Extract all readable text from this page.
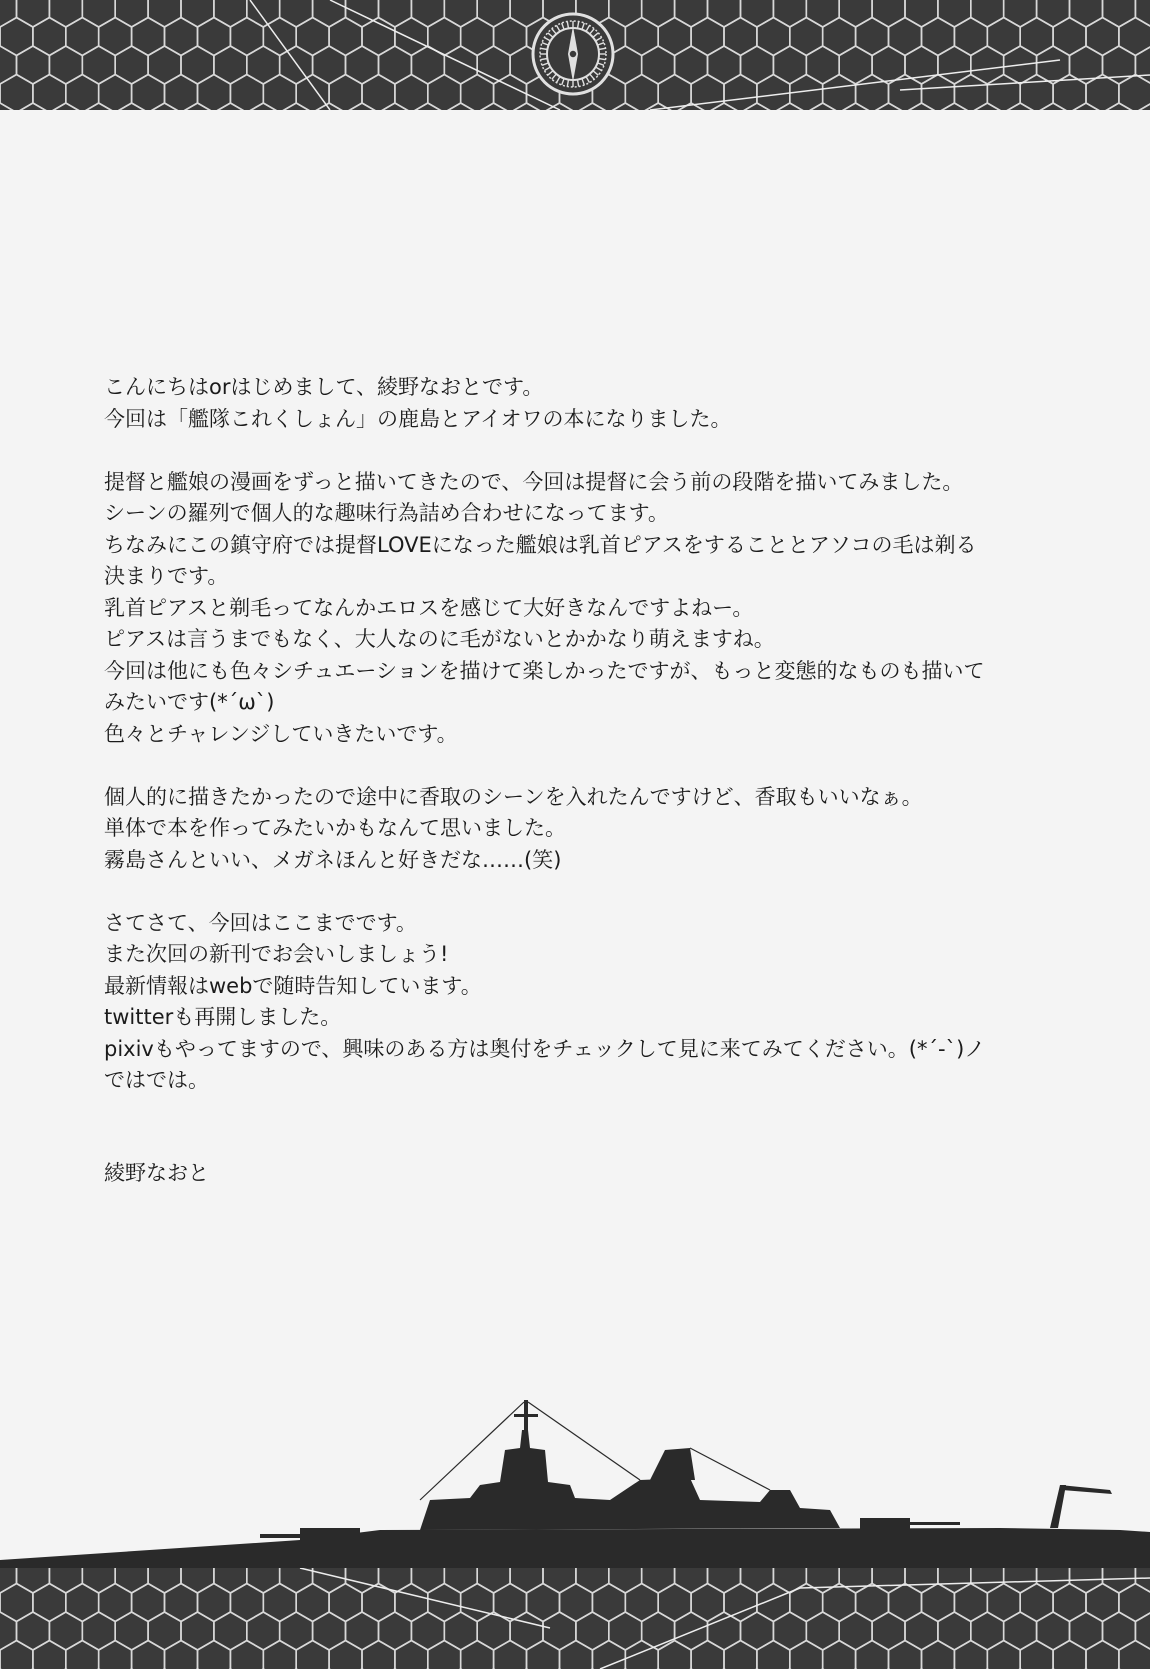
こんにちはorはじめまして、綾野なおとです。
今回は「艦隊これくしょん」の鹿島とアイオワの本になりました。
提督と艦娘の漫画をずっと描いてきたので、今回は提督に会う前の段階を描いてみました。
シーンの羅列で個人的な趣味行為詰め合わせになってます。
ちなみにこの鎮守府では提督LOVEになった艦娘は乳首ピアスをすることとアソコの毛は剃る
決まりです。
乳首ピアスと剃毛ってなんかエロスを感じて大好きなんですよねー。
ピアスは言うまでもなく、大人なのに毛がないとかかなり萌えますね。
今回は他にも色々シチュエーションを描けて楽しかったですが、もっと変態的なものも描いて
みたいです(*´ω`)
色々とチャレンジしていきたいです。
個人的に描きたかったので途中に香取のシーンを入れたんですけど、香取もいいなぁ。
単体で本を作ってみたいかもなんて思いました。
霧島さんといい、メガネほんと好きだな……(笑)
さてさて、今回はここまでです。
また次回の新刊でお会いしましょう!
最新情報はwebで随時告知しています。
twitterも再開しました。
pixivもやってますので、興味のある方は奥付をチェックして見に来てみてください。(*´-`)ノ
ではでは。
綾野なおと
